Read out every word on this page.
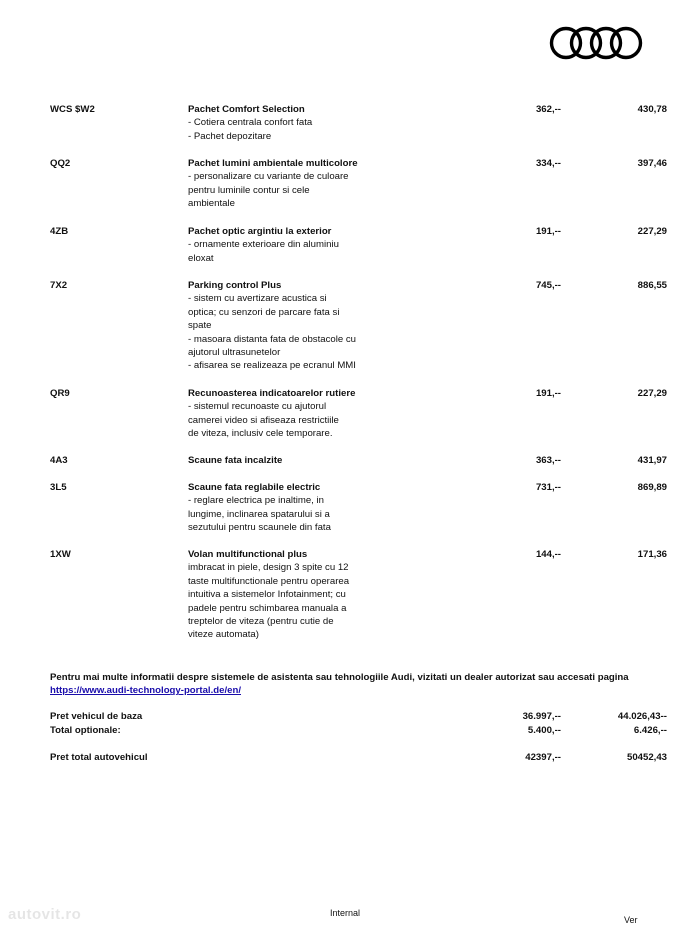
WCS $W2	Pachet Comfort Selection
- Cotiera centrala confort fata
- Pachet depozitare
362,--	430,78
QQ2	Pachet lumini ambientale multicolore
- personalizare cu variante de culoare
pentru luminile contur si cele
ambientale
334,--	397,46
4ZB	Pachet optic argintiu la exterior
- ornamente exterioare din aluminiu
eloxat
191,--	227,29
7X2	Parking control Plus
- sistem cu avertizare acustica si
optica; cu senzori de parcare fata si
spate
- masoara distanta fata de obstacole cu
ajutorul ultrasunetelor
- afisarea se realizeaza pe ecranul MMI
745,--	886,55
QR9	Recunoasterea indicatoarelor rutiere
- sistemul recunoaste cu ajutorul
camerei video si afiseaza restrictiile
de viteza, inclusiv cele temporare.
191,--	227,29
4A3	Scaune fata incalzite	363,--	431,97
3L5	Scaune fata reglabile electric
- reglare electrica pe inaltime, in
lungime, inclinarea spatarului si a
sezutului pentru scaunele din fata
731,--	869,89
1XW	Volan multifunctional plus
imbracat in piele, design 3 spite cu 12
taste multifunctionale pentru operarea
intuitiva a sistemelor Infotainment; cu
padele pentru schimbarea manuala a
treptelor de viteza (pentru cutie de
viteze automata)
144,--	171,36
Pentru mai multe informatii despre sistemele de asistenta sau tehnologiile Audi, vizitati un dealer autorizat sau accesati pagina
https://www.audi-technology-portal.de/en/
Pret vehicul de baza	36.997,--	44.026,43--
Total optionale:	5.400,--	6.426,--
Pret total autovehicul	42397,--	50452,43
autovit.ro	Internal
Ver
